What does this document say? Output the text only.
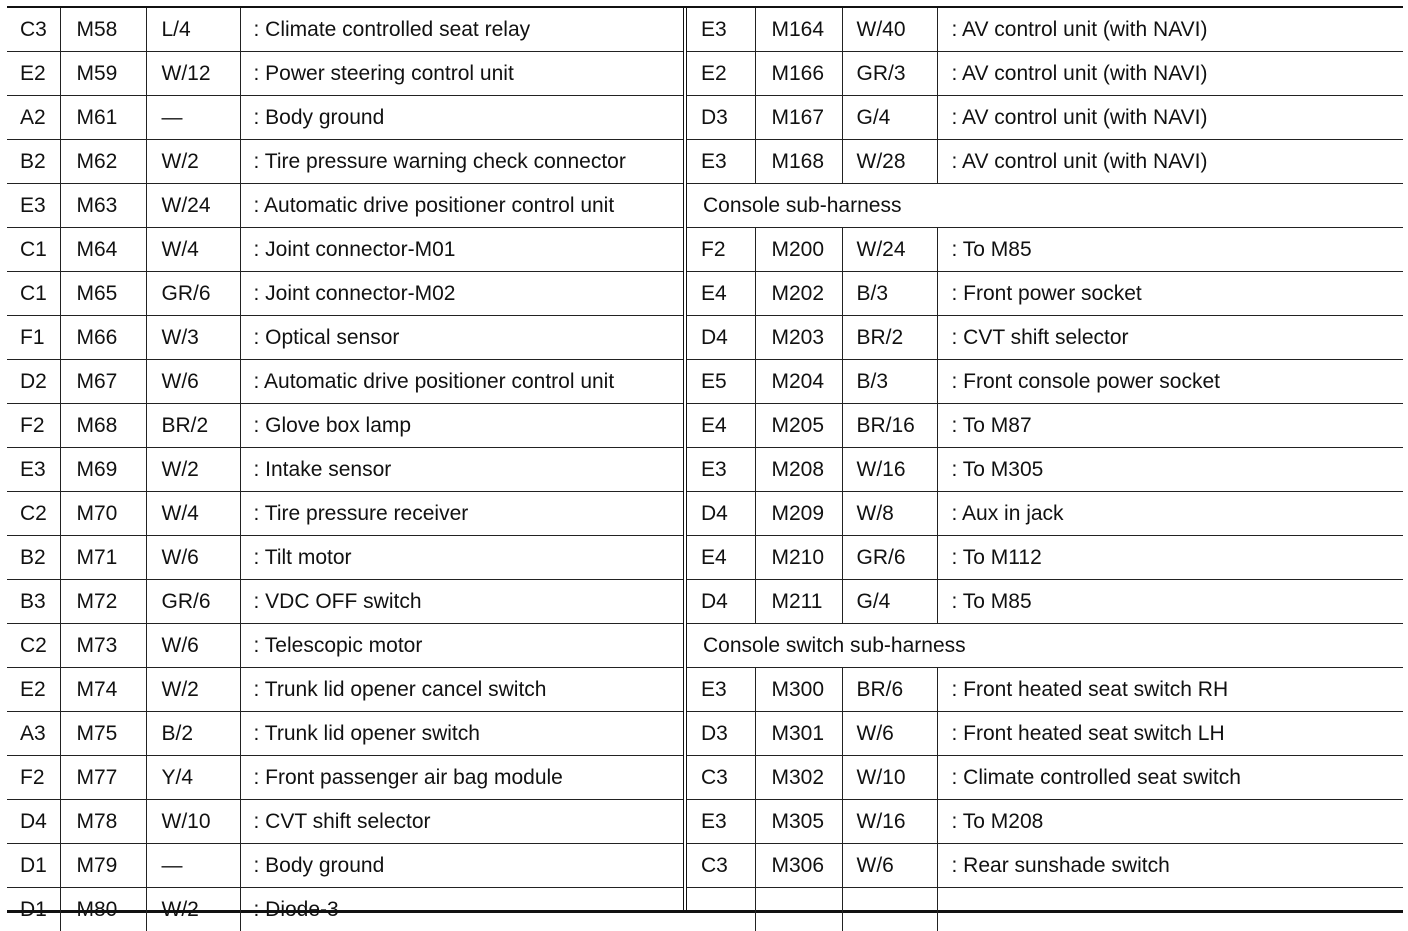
C3	M58	L/4	: Climate controlled seat relay
E2	M59	W/12	: Power steering control unit
A2	M61	—	: Body ground
B2	M62	W/2	: Tire pressure warning check connector
E3	M63	W/24	: Automatic drive positioner control unit
C1	M64	W/4	: Joint connector-M01
C1	M65	GR/6	: Joint connector-M02
F1	M66	W/3	: Optical sensor
D2	M67	W/6	: Automatic drive positioner control unit
F2	M68	BR/2	: Glove box lamp
E3	M69	W/2	: Intake sensor
C2	M70	W/4	: Tire pressure receiver
B2	M71	W/6	: Tilt motor
B3	M72	GR/6	: VDC OFF switch
C2	M73	W/6	: Telescopic motor
E2	M74	W/2	: Trunk lid opener cancel switch
A3	M75	B/2	: Trunk lid opener switch
F2	M77	Y/4	: Front passenger air bag module
D4	M78	W/10	: CVT shift selector
D1	M79	—	: Body ground
D1	M80	W/2	: Diode-3
E3	M164	W/40	: AV control unit (with NAVI)
E2	M166	GR/3	: AV control unit (with NAVI)
D3	M167	G/4	: AV control unit (with NAVI)
E3	M168	W/28	: AV control unit (with NAVI)
Console sub-harness			
F2	M200	W/24	: To M85
E4	M202	B/3	: Front power socket
D4	M203	BR/2	: CVT shift selector
E5	M204	B/3	: Front console power socket
E4	M205	BR/16	: To M87
E3	M208	W/16	: To M305
D4	M209	W/8	: Aux in jack
E4	M210	GR/6	: To M112
D4	M211	G/4	: To M85
Console switch sub-harness			
E3	M300	BR/6	: Front heated seat switch RH
D3	M301	W/6	: Front heated seat switch LH
C3	M302	W/10	: Climate controlled seat switch
E3	M305	W/16	: To M208
C3	M306	W/6	: Rear sunshade switch
